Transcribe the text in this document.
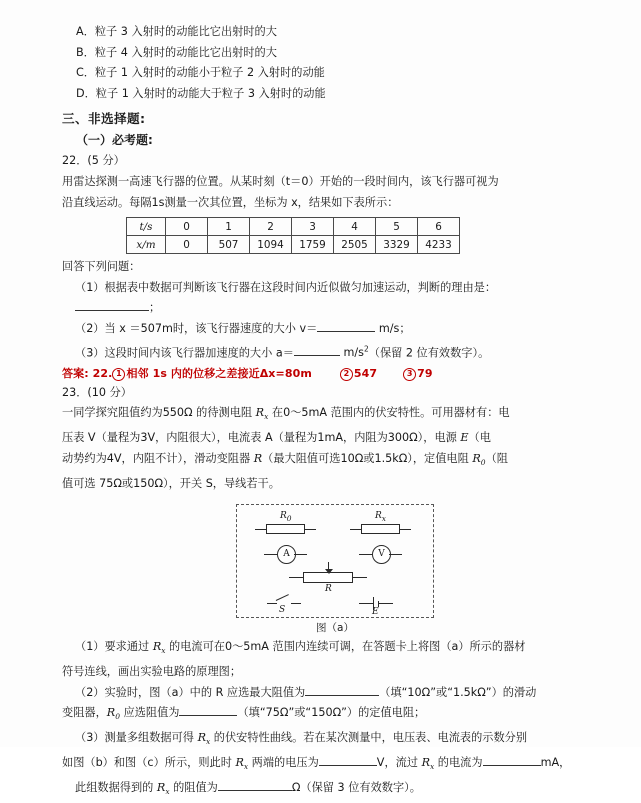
A．粒子 3 入射时的动能比它出射时的大
B．粒子 4 入射时的动能比它出射时的大
C．粒子 1 入射时的动能小于粒子 2 入射时的动能
D．粒子 1 入射时的动能大于粒子 3 入射时的动能
三、非选择题:
（一）必考题:
22．(5 分）
用雷达探测一高速飞行器的位置。从某时刻（t＝0）开始的一段时间内，该飞行器可视为
沿直线运动。每隔1s测量一次其位置，坐标为 x，结果如下表所示：
t/s	0	1	2	3	4	5	6
x/m	0	507	1094	1759	2505	3329	4233
回答下列问题：
（1）根据表中数据可判断该飞行器在这段时间内近似做匀加速运动，判断的理由是：
；
（2）当 x ＝507m时，该飞行器速度的大小 v＝	m/s；
（3）这段时间内该飞行器加速度的大小 a＝	$m/s^2$（保留 2 位有效数字）。
答案: 22. 1 相邻 1s 内的位移之差接近Δx=80m	2 547	3 79
23．(10 分）
一同学探究阻值约为550Ω 的待测电阻 $R_x$ 在0～5mA 范围内的伏安特性。可用器材有：电
压表 V（量程为3V，内阻很大），电流表 A（量程为1mA，内阻为300Ω），电源 E（电
动势约为4V，内阻不计），滑动变阻器 R（最大阻值可选10Ω或1.5kΩ），定值电阻 $R_0$（阻
值可选 75Ω或150Ω），开关 S，导线若干。
$R_0$
A
$R_x$
V
R
S	E
图（a）
（1）要求通过 $R_x$ 的电流可在0～5mA 范围内连续可调，在答题卡上将图（a）所示的器材
符号连线，画出实验电路的原理图；
（2）实验时，图（a）中的 R 应选最大阻值为	（填“10Ω”或“1.5kΩ”）的滑动
变阻器，$R_0$ 应选阻值为	（填“75Ω”或“150Ω”）的定值电阻；
（3）测量多组数据可得 $R_x$ 的伏安特性曲线。若在某次测量中，电压表、电流表的示数分别
如图（b）和图（c）所示，则此时 $R_x$ 两端的电压为	V，流过 $R_x$ 的电流为	mA，
此组数据得到的 $R_x$ 的阻值为	Ω（保留 3 位有效数字）。
